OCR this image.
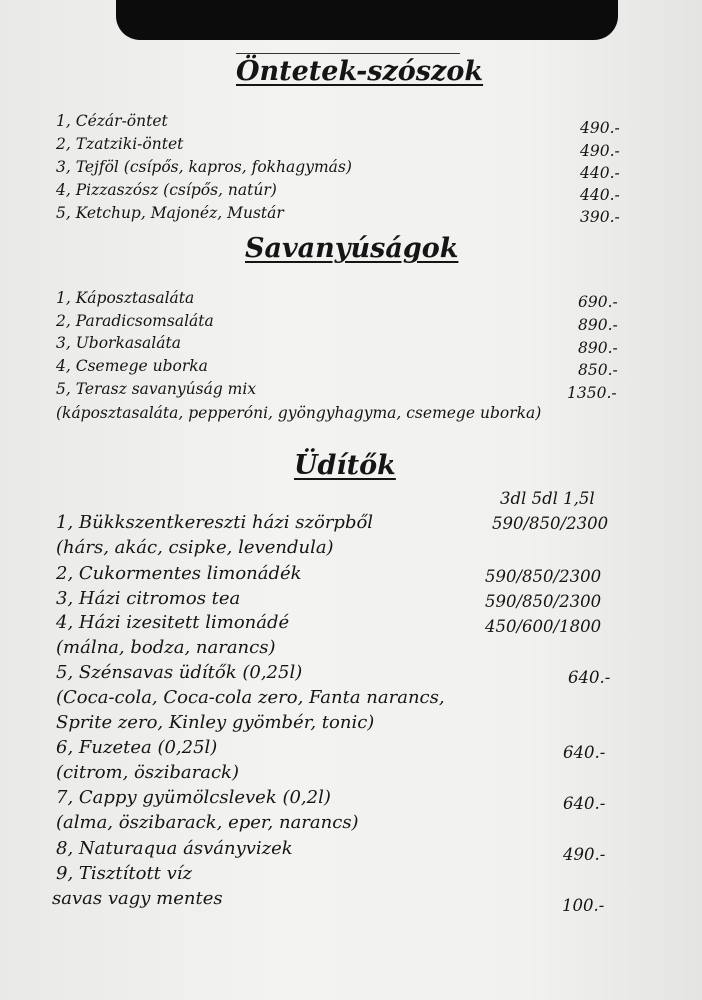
Öntetek-szószok
1, Cézár-öntet	490.-
2, Tzatziki-öntet	490.-
3, Tejföl (csípős, kapros, fokhagymás)	440.-
4, Pizzaszósz (csípős, natúr)	440.-
5, Ketchup, Majonéz, Mustár	390.-
Savanyúságok
1, Káposztasaláta	690.-
2, Paradicsomsaláta	890.-
3, Uborkasaláta	890.-
4, Csemege uborka	850.-
5, Terasz savanyúság mix	1350.-
(káposztasaláta, pepperóni, gyöngyhagyma, csemege uborka)
Üdítők
3dl 5dl 1,5l
1, Bükkszentkereszti házi szörpből	590/850/2300
(hárs, akác, csipke, levendula)
2, Cukormentes limonádék	590/850/2300
3, Házi citromos tea	590/850/2300
4, Házi izesitett limonádé	450/600/1800
(málna, bodza, narancs)
5, Szénsavas üdítők (0,25l)	640.-
(Coca-cola, Coca-cola zero, Fanta narancs,
Sprite zero, Kinley gyömbér, tonic)
6, Fuzetea (0,25l)	640.-
(citrom, öszibarack)
7, Cappy gyümölcslevek (0,2l)	640.-
(alma, öszibarack, eper, narancs)
8, Naturaqua ásványvizek	490.-
9, Tisztított víz
savas vagy mentes	100.-
